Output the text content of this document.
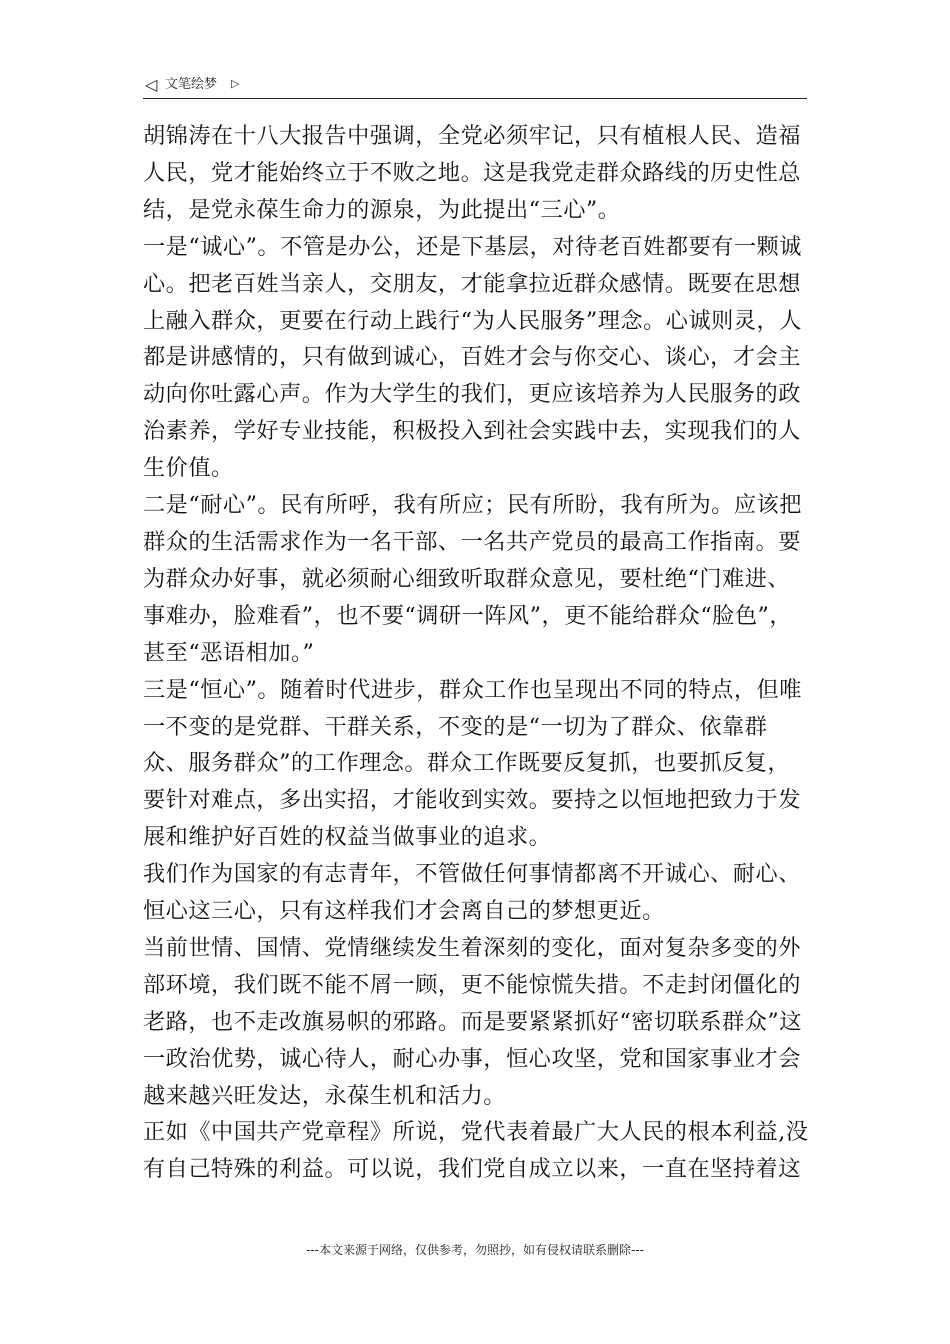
◁ 文笔绘梦 ▷

胡锦涛在十八大报告中强调，全党必须牢记，只有植根人民、造福人民，党才能始终立于不败之地。这是我党走群众路线的历史性总结，是党永葆生命力的源泉，为此提出“三心”。

一是“诚心”。不管是办公，还是下基层，对待老百姓都要有一颗诚心。把老百姓当亲人，交朋友，才能拿拉近群众感情。既要在思想上融入群众，更要在行动上践行“为人民服务”理念。心诚则灵，人都是讲感情的，只有做到诚心，百姓才会与你交心、谈心，才会主动向你吐露心声。作为大学生的我们，更应该培养为人民服务的政治素养，学好专业技能，积极投入到社会实践中去，实现我们的人生价值。

二是“耐心”。民有所呼，我有所应；民有所盼，我有所为。应该把群众的生活需求作为一名干部、一名共产党员的最高工作指南。要为群众办好事，就必须耐心细致听取群众意见，要杜绝“门难进、事难办，脸难看”，也不要“调研一阵风”，更不能给群众“脸色”，甚至“恶语相加。”

三是“恒心”。随着时代进步，群众工作也呈现出不同的特点，但唯一不变的是党群、干群关系，不变的是“一切为了群众、依靠群众、服务群众”的工作理念。群众工作既要反复抓，也要抓反复，要针对难点，多出实招，才能收到实效。要持之以恒地把致力于发展和维护好百姓的权益当做事业的追求。

我们作为国家的有志青年，不管做任何事情都离不开诚心、耐心、恒心这三心，只有这样我们才会离自己的梦想更近。

当前世情、国情、党情继续发生着深刻的变化，面对复杂多变的外部环境，我们既不能不屑一顾，更不能惊慌失措。不走封闭僵化的老路，也不走改旗易帜的邪路。而是要紧紧抓好“密切联系群众”这一政治优势，诚心待人，耐心办事，恒心攻坚，党和国家事业才会越来越兴旺发达，永葆生机和活力。

正如《中国共产党章程》所说，党代表着最广大人民的根本利益,没有自己特殊的利益。可以说，我们党自成立以来，一直在坚持着这

---本文来源于网络，仅供参考，勿照抄，如有侵权请联系删除---
